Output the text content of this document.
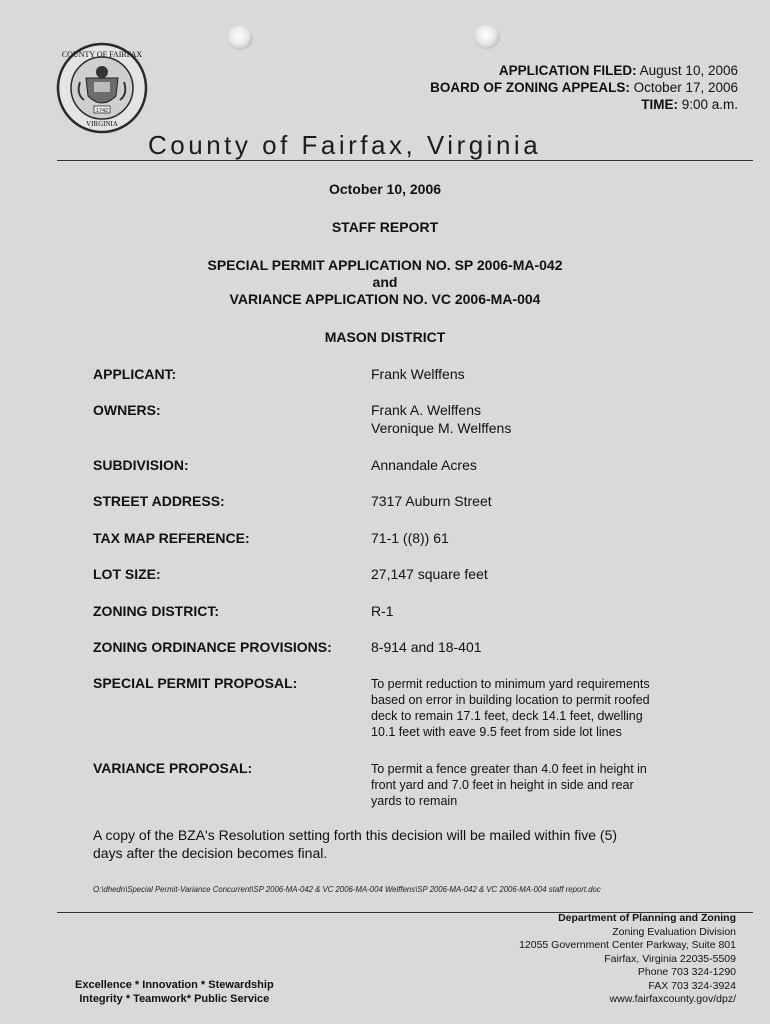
1742
COUNTY OF FAIRFAX
VIRGINIA
APPLICATION FILED: August 10, 2006
BOARD OF ZONING APPEALS: October 17, 2006
TIME: 9:00 a.m.
County of Fairfax, Virginia
October 10, 2006
STAFF REPORT
SPECIAL PERMIT APPLICATION NO. SP 2006-MA-042
and
VARIANCE APPLICATION NO. VC 2006-MA-004
MASON DISTRICT
APPLICANT:	Frank Welffens
OWNERS:	Frank A. Welffens
Veronique M. Welffens
SUBDIVISION:	Annandale Acres
STREET ADDRESS:	7317 Auburn Street
TAX MAP REFERENCE:	71-1 ((8)) 61
LOT SIZE:	27,147 square feet
ZONING DISTRICT:	R-1
ZONING ORDINANCE PROVISIONS:	8-914 and 18-401
SPECIAL PERMIT PROPOSAL:	To permit reduction to minimum yard requirements
based on error in building location to permit roofed
deck to remain 17.1 feet, deck 14.1 feet, dwelling
10.1 feet with eave 9.5 feet from side lot lines
VARIANCE PROPOSAL:	To permit a fence greater than 4.0 feet in height in
front yard and 7.0 feet in height in side and rear
yards to remain
A copy of the BZA's Resolution setting forth this decision will be mailed within five (5)
days after the decision becomes final.
O:\dhedn\Special Permit-Variance Concurrent\SP 2006-MA-042 & VC 2006-MA-004 Welffens\SP 2006-MA-042 & VC 2006-MA-004 staff report.doc
Department of Planning and Zoning
Zoning Evaluation Division
12055 Government Center Parkway, Suite 801
Fairfax, Virginia 22035-5509
Phone 703 324-1290
FAX 703 324-3924
www.fairfaxcounty.gov/dpz/
Excellence * Innovation * Stewardship
Integrity * Teamwork* Public Service
